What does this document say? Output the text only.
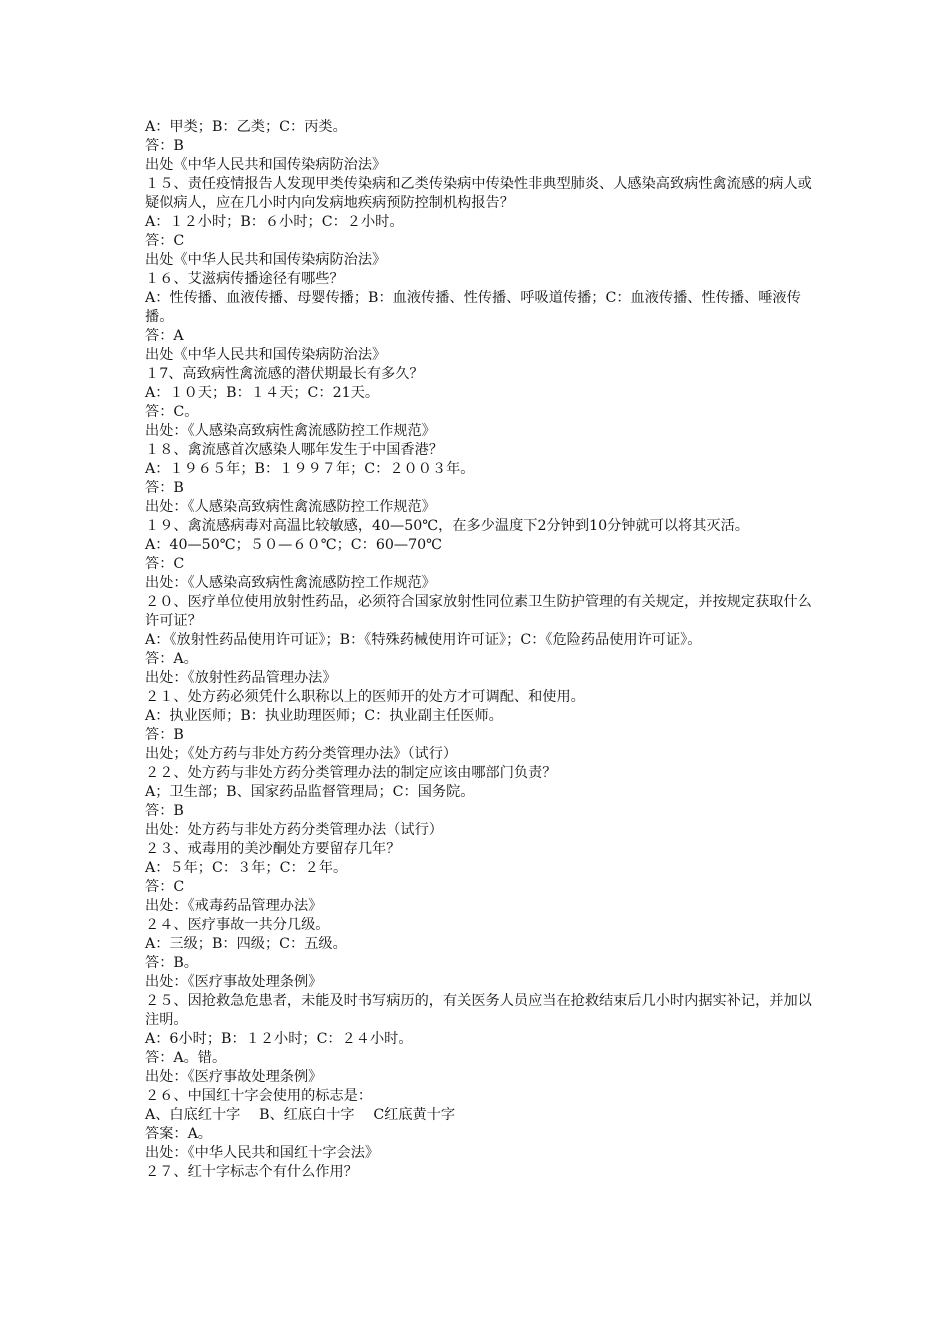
A：甲类；B：乙类；C：丙类。

答：B

出处《中华人民共和国传染病防治法》

１５、责任疫情报告人发现甲类传染病和乙类传染病中传染性非典型肺炎、人感染高致病性禽流感的病人或疑似病人，应在几小时内向发病地疾病预防控制机构报告？

A：１２小时；B：６小时；C：２小时。

答：C

出处《中华人民共和国传染病防治法》

１６、艾滋病传播途径有哪些？

A：性传播、血液传播、母婴传播；B：血液传播、性传播、呼吸道传播；C：血液传播、性传播、唾液传播。

答：A

出处《中华人民共和国传染病防治法》

１7、高致病性禽流感的潜伏期最长有多久？

A：１０天；B：１４天；C：21天。

答：C。

出处：《人感染高致病性禽流感防控工作规范》

１８、禽流感首次感染人哪年发生于中国香港？

A：１９６５年；B：１９９７年；C：２００３年。

答：B

出处：《人感染高致病性禽流感防控工作规范》

１９、禽流感病毒对高温比较敏感，40—50℃，在多少温度下2分钟到10分钟就可以将其灭活。

A：40—50℃；５０—６０℃；C：60—70℃

答：C

出处：《人感染高致病性禽流感防控工作规范》

２０、医疗单位使用放射性药品，必须符合国家放射性同位素卫生防护管理的有关规定，并按规定获取什么许可证？

A：《放射性药品使用许可证》；B：《特殊药械使用许可证》；C：《危险药品使用许可证》。

答：A。

出处：《放射性药品管理办法》

２１、处方药必须凭什么职称以上的医师开的处方才可调配、和使用。

A：执业医师；B：执业助理医师；C：执业副主任医师。

答：B

出处；《处方药与非处方药分类管理办法》（试行）

２２、处方药与非处方药分类管理办法的制定应该由哪部门负责？

A；卫生部；B、国家药品监督管理局；C：国务院。

答：B

出处：处方药与非处方药分类管理办法（试行）

２３、戒毒用的美沙酮处方要留存几年？

A：５年；C：３年；C：２年。

答：C

出处：《戒毒药品管理办法》

２４、医疗事故一共分几级。

A：三级；B：四级；C：五级。

答：B。

出处：《医疗事故处理条例》

２５、因抢救急危患者，未能及时书写病历的，有关医务人员应当在抢救结束后几小时内据实补记，并加以注明。

A：6小时；B：１２小时；C：２４小时。

答：A。错。

出处：《医疗事故处理条例》

２６、中国红十字会使用的标志是：

A、白底红十字　 B、红底白十字　 C红底黄十字

答案：A。

出处：《中华人民共和国红十字会法》

２７、红十字标志个有什么作用？
